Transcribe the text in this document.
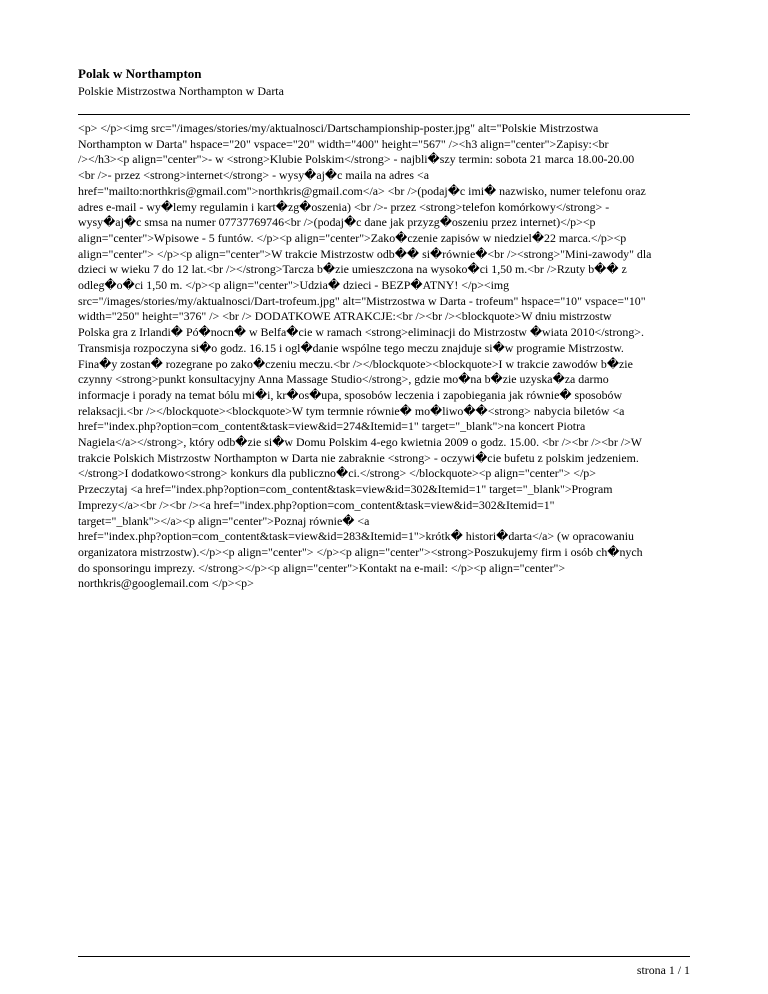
Polak w Northampton
Polskie Mistrzostwa Northampton w Darta
<p> </p><img src="/images/stories/my/aktualnosci/Dartschampionship-poster.jpg" alt="Polskie Mistrzostwa
Northampton w Darta" hspace="20" vspace="20" width="400" height="567" /><h3 align="center">Zapisy:<br
/></h3><p align="center">- w <strong>Klubie Polskim</strong> - najbli�szy termin: sobota 21 marca 18.00-20.00
<br />- przez <strong>internet</strong> - wysy�aj�c maila na adres <a
href="mailto:northkris@gmail.com">northkris@gmail.com</a> <br />(podaj�c imi� nazwisko, numer telefonu oraz
adres e-mail - wy�lemy regulamin i kart�zg�oszenia) <br />- przez <strong>telefon komórkowy</strong> -
wysy�aj�c smsa na numer 07737769746<br />(podaj�c dane jak przyzg�oszeniu przez internet)</p><p
align="center">Wpisowe - 5 funtów. </p><p align="center">Zako�czenie zapisów w niedziel�22 marca.</p><p
align="center"> </p><p align="center">W trakcie Mistrzostw odb�� si�równie�<br /><strong>"Mini-zawody" dla
dzieci w wieku 7 do 12 lat.<br /></strong>Tarcza b�zie umieszczona na wysoko�ci 1,50 m.<br />Rzuty b�� z
odleg�o�ci 1,50 m. </p><p align="center">Udzia� dzieci - BEZP�ATNY! </p><img
src="/images/stories/my/aktualnosci/Dart-trofeum.jpg" alt="Mistrzostwa w Darta - trofeum" hspace="10" vspace="10"
width="250" height="376" /> <br /> DODATKOWE ATRAKCJE:<br /><br /><blockquote>W dniu mistrzostw
Polska gra z Irlandi� Pó�nocn� w Belfa�cie w ramach <strong>eliminacji do Mistrzostw �wiata 2010</strong>.
Transmisja rozpoczyna si�o godz. 16.15 i ogl�danie wspólne tego meczu znajduje si�w programie Mistrzostw.
Fina�y zostan� rozegrane po zako�czeniu meczu.<br /></blockquote><blockquote>I w trakcie zawodów b�zie
czynny <strong>punkt konsultacyjny Anna Massage Studio</strong>, gdzie mo�na b�zie uzyska�za darmo
informacje i porady na temat bólu mi�i, kr�os�upa, sposobów leczenia i zapobiegania jak równie� sposobów
relaksacji.<br /></blockquote><blockquote>W tym termnie równie� mo�liwo��<strong> nabycia biletów <a
href="index.php?option=com_content&task=view&id=274&Itemid=1" target="_blank">na koncert Piotra
Nagiela</a></strong>, który odb�zie si�w Domu Polskim 4-ego kwietnia 2009 o godz. 15.00. <br /><br /><br />W
trakcie Polskich Mistrzostw Northampton w Darta nie zabraknie <strong> - oczywi�cie bufetu z polskim jedzeniem.
</strong>I dodatkowo<strong> konkurs dla publiczno�ci.</strong> </blockquote><p align="center"> </p>
Przeczytaj <a href="index.php?option=com_content&task=view&id=302&Itemid=1" target="_blank">Program
Imprezy</a><br /><br /><a href="index.php?option=com_content&task=view&id=302&Itemid=1"
target="_blank"></a><p align="center">Poznaj równie� <a
href="index.php?option=com_content&task=view&id=283&Itemid=1">krótk� histori�darta</a> (w opracowaniu
organizatora mistrzostw).</p><p align="center"> </p><p align="center"><strong>Poszukujemy firm i osób ch�nych
do sponsoringu imprezy. </strong></p><p align="center">Kontakt na e-mail: </p><p align="center">
northkris@googlemail.com </p><p>
strona 1 / 1
